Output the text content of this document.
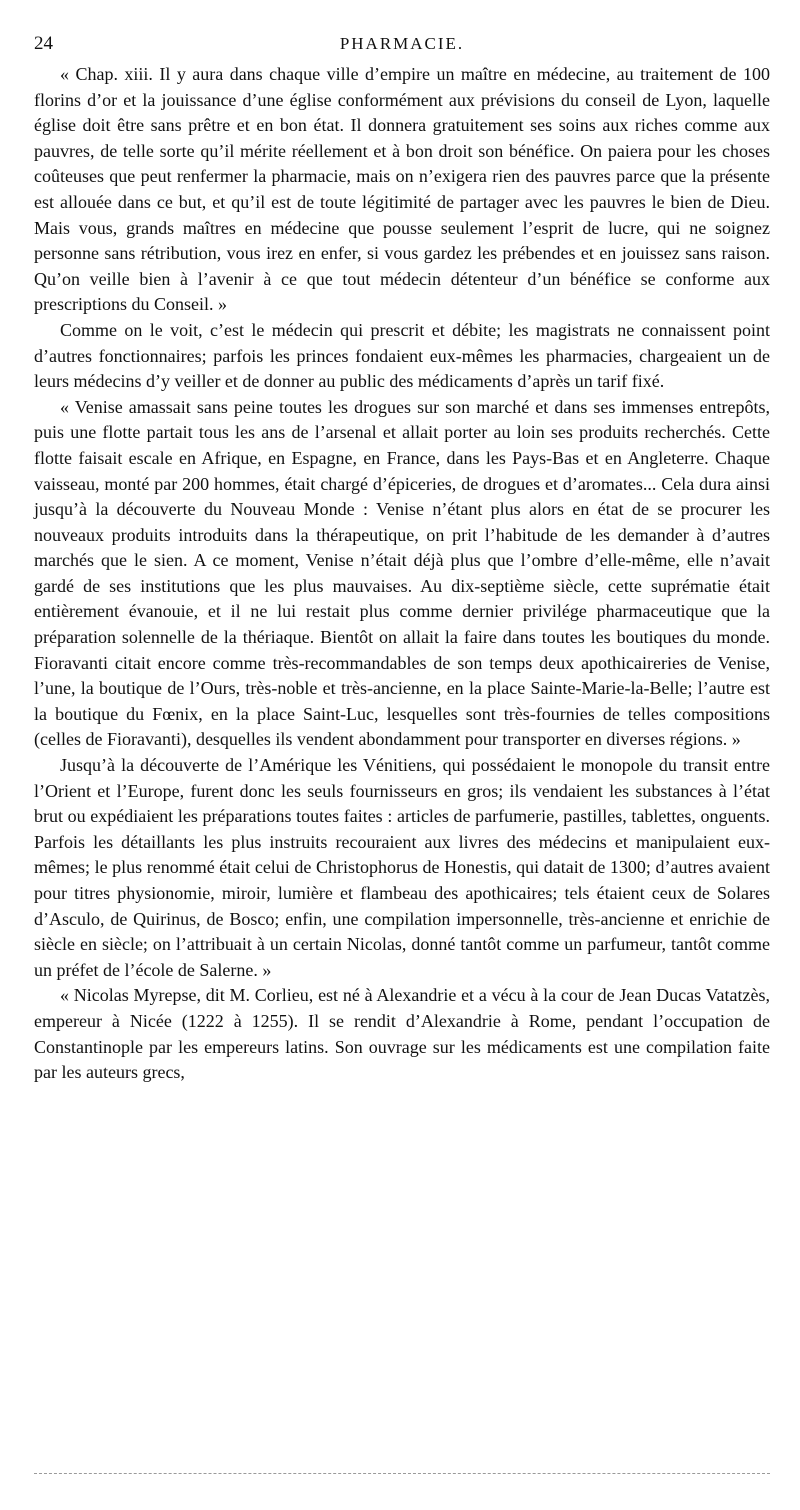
24	PHARMACIE.

« Chap. xiii. Il y aura dans chaque ville d’empire un maître en médecine, au traitement de 100 florins d’or et la jouissance d’une église conformément aux prévisions du conseil de Lyon, laquelle église doit être sans prêtre et en bon état. Il donnera gratuitement ses soins aux riches comme aux pauvres, de telle sorte qu’il mérite réellement et à bon droit son bénéfice. On paiera pour les choses coûteuses que peut renfermer la pharmacie, mais on n’exigera rien des pauvres parce que la présente est allouée dans ce but, et qu’il est de toute légitimité de partager avec les pauvres le bien de Dieu. Mais vous, grands maîtres en médecine que pousse seulement l’esprit de lucre, qui ne soignez personne sans rétribution, vous irez en enfer, si vous gardez les prébendes et en jouissez sans raison. Qu’on veille bien à l’avenir à ce que tout médecin détenteur d’un bénéfice se conforme aux prescriptions du Conseil. »

Comme on le voit, c’est le médecin qui prescrit et débite; les magistrats ne connaissent point d’autres fonctionnaires; parfois les princes fondaient eux-mêmes les pharmacies, chargeaient un de leurs médecins d’y veiller et de donner au public des médicaments d’après un tarif fixé.

« Venise amassait sans peine toutes les drogues sur son marché et dans ses immenses entrepôts, puis une flotte partait tous les ans de l’arsenal et allait porter au loin ses produits recherchés. Cette flotte faisait escale en Afrique, en Espagne, en France, dans les Pays-Bas et en Angleterre. Chaque vaisseau, monté par 200 hommes, était chargé d’épiceries, de drogues et d’aromates... Cela dura ainsi jusqu’à la découverte du Nouveau Monde : Venise n’étant plus alors en état de se procurer les nouveaux produits introduits dans la thérapeutique, on prit l’habitude de les demander à d’autres marchés que le sien. A ce moment, Venise n’était déjà plus que l’ombre d’elle-même, elle n’avait gardé de ses institutions que les plus mauvaises. Au dix-septième siècle, cette suprématie était entièrement évanouie, et il ne lui restait plus comme dernier privilége pharmaceutique que la préparation solennelle de la thériaque. Bientôt on allait la faire dans toutes les boutiques du monde. Fioravanti citait encore comme très-recommandables de son temps deux apothicaireries de Venise, l’une, la boutique de l’Ours, très-noble et très-ancienne, en la place Sainte-Marie-la-Belle; l’autre est la boutique du Fœnix, en la place Saint-Luc, lesquelles sont très-fournies de telles compositions (celles de Fioravanti), desquelles ils vendent abondamment pour transporter en diverses régions. »

Jusqu’à la découverte de l’Amérique les Vénitiens, qui possédaient le monopole du transit entre l’Orient et l’Europe, furent donc les seuls fournisseurs en gros; ils vendaient les substances à l’état brut ou expédiaient les préparations toutes faites : articles de parfumerie, pastilles, tablettes, onguents. Parfois les détaillants les plus instruits recouraient aux livres des médecins et manipulaient eux-mêmes; le plus renommé était celui de Christophorus de Honestis, qui datait de 1300; d’autres avaient pour titres physionomie, miroir, lumière et flambeau des apothicaires; tels étaient ceux de Solares d’Asculo, de Quirinus, de Bosco; enfin, une compilation impersonnelle, très-ancienne et enrichie de siècle en siècle; on l’attribuait à un certain Nicolas, donné tantôt comme un parfumeur, tantôt comme un préfet de l’école de Salerne. »

« Nicolas Myrepse, dit M. Corlieu, est né à Alexandrie et a vécu à la cour de Jean Ducas Vatatzès, empereur à Nicée (1222 à 1255). Il se rendit d’Alexandrie à Rome, pendant l’occupation de Constantinople par les empereurs latins. Son ouvrage sur les médicaments est une compilation faite par les auteurs grecs,
